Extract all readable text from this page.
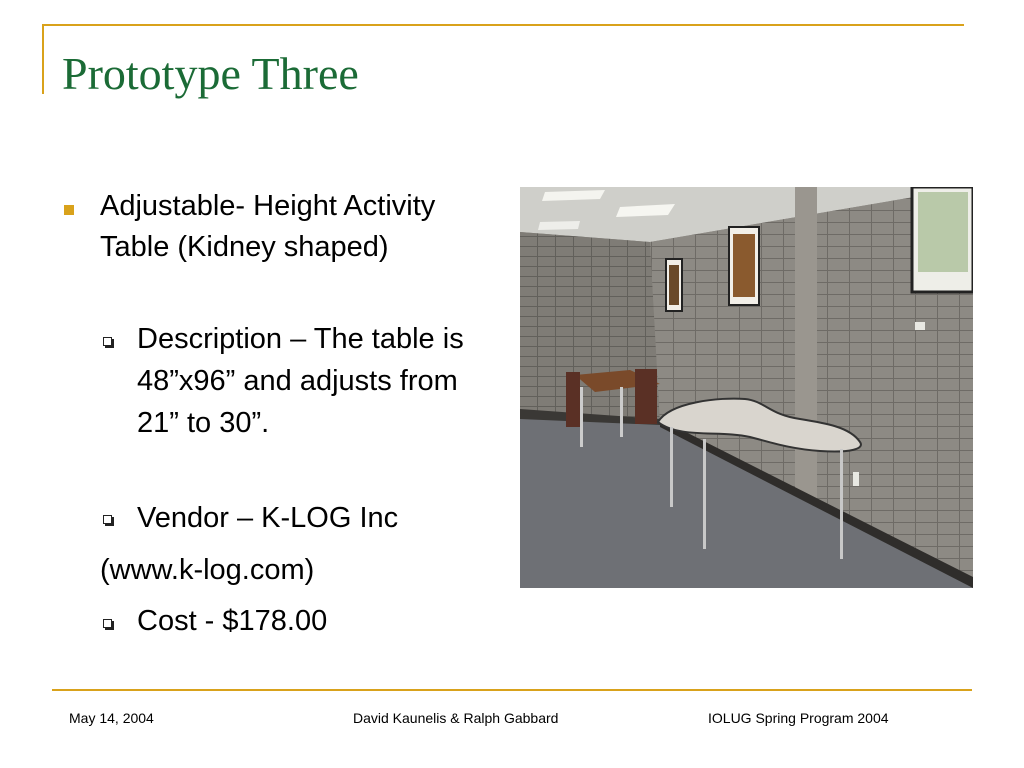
Prototype Three
Adjustable- Height Activity Table (Kidney shaped)
Description – The table is 48”x96” and adjusts from 21” to 30”.
Vendor – K-LOG Inc
(www.k-log.com)
Cost - $178.00
May 14, 2004	David Kaunelis & Ralph Gabbard	IOLUG Spring Program 2004
